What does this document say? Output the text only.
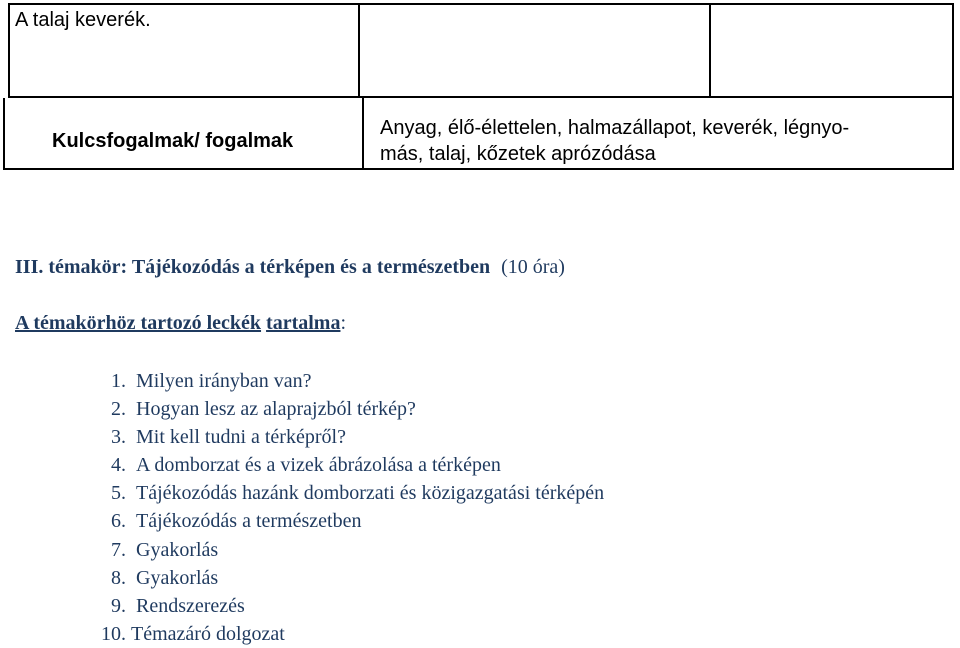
A talaj keverék.
Kulcsfogalmak/ fogalmak
Anyag, élő-élettelen, halmazállapot, keverék, légnyo-
más, talaj, kőzetek aprózódása
III. témakör: Tájékozódás a térképen és a természetben (10 óra)
A témakörhöz tartozó leckék tartalma:
1. Milyen irányban van?
2. Hogyan lesz az alaprajzból térkép?
3. Mit kell tudni a térképről?
4. A domborzat és a vizek ábrázolása a térképen
5. Tájékozódás hazánk domborzati és közigazgatási térképén
6. Tájékozódás a természetben
7. Gyakorlás
8. Gyakorlás
9. Rendszerezés
10. Témazáró dolgozat
